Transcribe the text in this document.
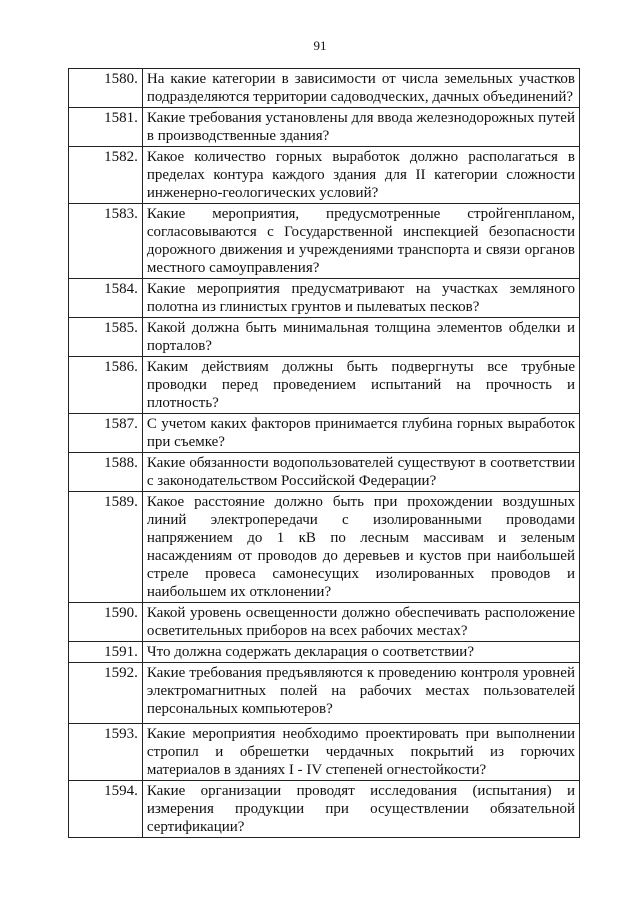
91
1580.	На какие категории в зависимости от числа земельных участков подразделяются территории садоводческих, дачных объединений?
1581.	Какие требования установлены для ввода железнодорожных путей в производственные здания?
1582.	Какое количество горных выработок должно располагаться в пределах контура каждого здания для II категории сложности инженерно-геологических условий?
1583.	Какие мероприятия, предусмотренные стройгенпланом, согласовываются с Государственной инспекцией безопасности дорожного движения и учреждениями транспорта и связи органов местного самоуправления?
1584.	Какие мероприятия предусматривают на участках земляного полотна из глинистых грунтов и пылеватых песков?
1585.	Какой должна быть минимальная толщина элементов обделки и порталов?
1586.	Каким действиям должны быть подвергнуты все трубные проводки перед проведением испытаний на прочность и плотность?
1587.	С учетом каких факторов принимается глубина горных выработок при съемке?
1588.	Какие обязанности водопользователей существуют в соответствии с законодательством Российской Федерации?
1589.	Какое расстояние должно быть при прохождении воздушных линий электропередачи с изолированными проводами напряжением до 1 кВ по лесным массивам и зеленым насаждениям от проводов до деревьев и кустов при наибольшей стреле провеса самонесущих изолированных проводов и наибольшем их отклонении?
1590.	Какой уровень освещенности должно обеспечивать расположение осветительных приборов на всех рабочих местах?
1591.	Что должна содержать декларация о соответствии?
1592.	Какие требования предъявляются к проведению контроля уровней электромагнитных полей на рабочих местах пользователей персональных компьютеров?
1593.	Какие мероприятия необходимо проектировать при выполнении стропил и обрешетки чердачных покрытий из горючих материалов в зданиях I - IV степеней огнестойкости?
1594.	Какие организации проводят исследования (испытания) и измерения продукции при осуществлении обязательной сертификации?
